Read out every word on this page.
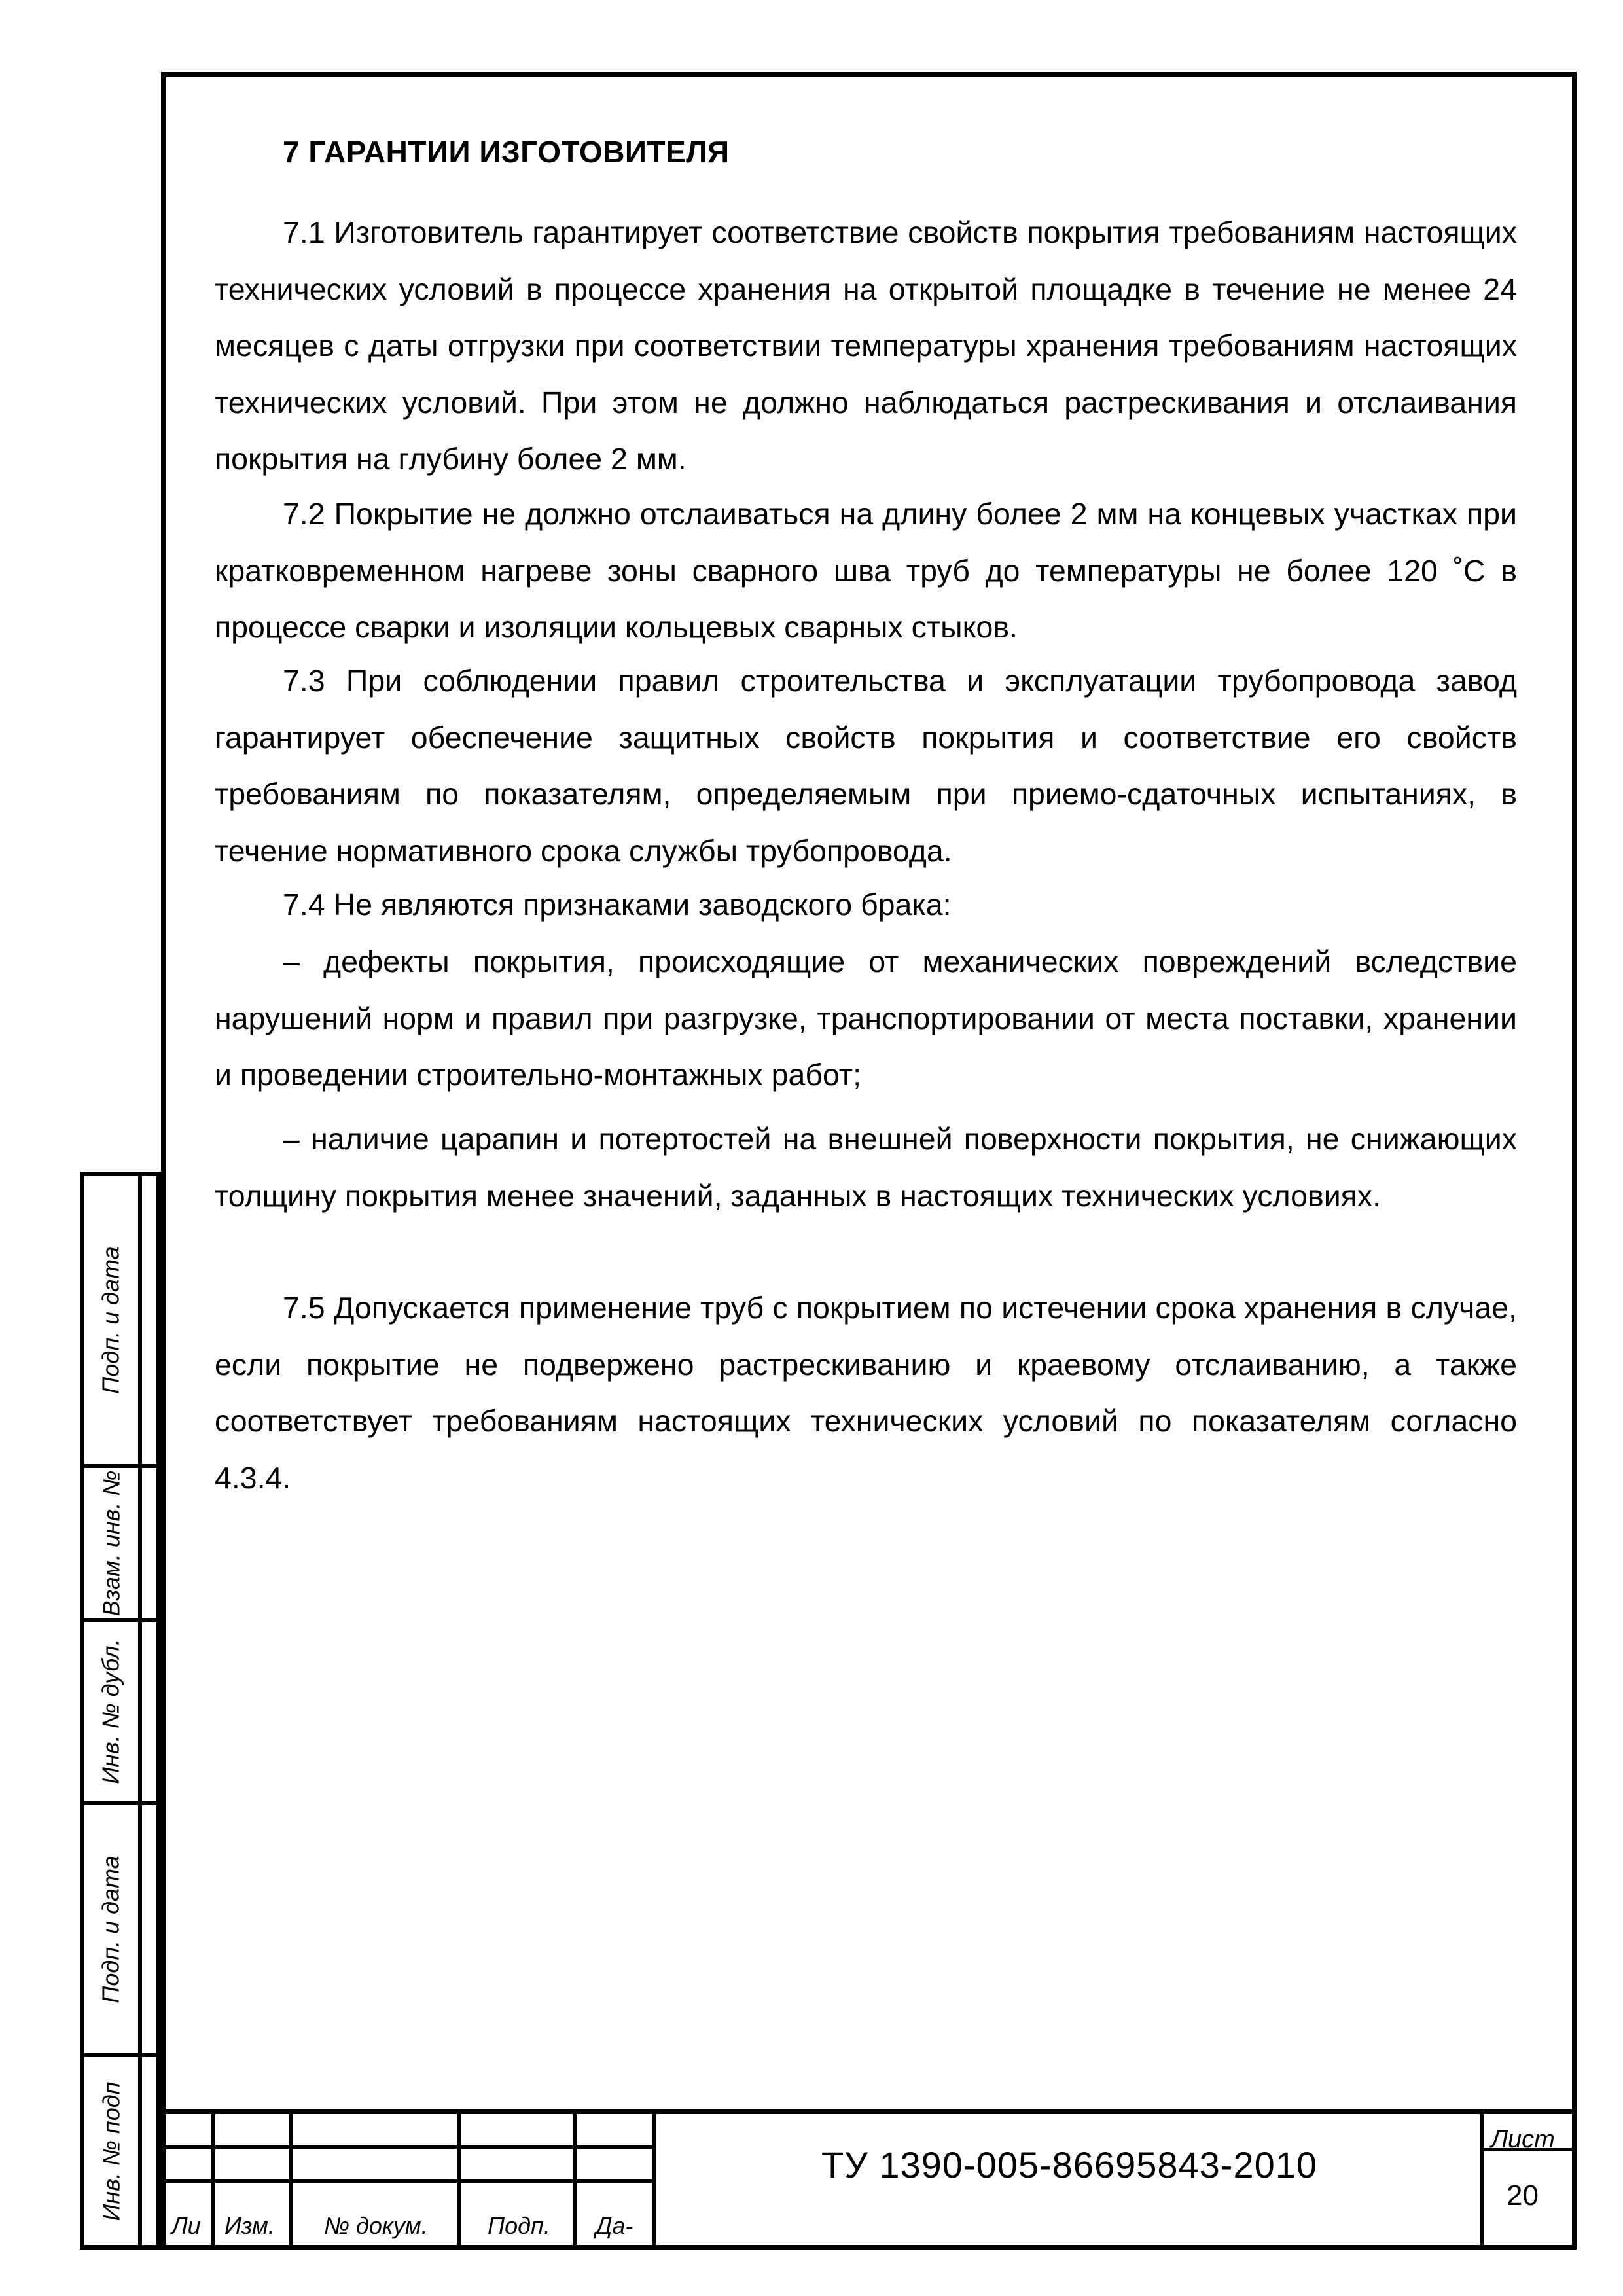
7 ГАРАНТИИ ИЗГОТОВИТЕЛЯ

7.1 Изготовитель гарантирует соответствие свойств покрытия требованиям настоящих технических условий в процессе хранения на открытой площадке в течение не менее 24 месяцев с даты отгрузки при соответствии температуры хранения требованиям настоящих технических условий. При этом не должно наблюдаться растрескивания и отслаивания покрытия на глубину более 2 мм.

7.2 Покрытие не должно отслаиваться на длину более 2 мм на концевых участках при кратковременном нагреве зоны сварного шва труб до температуры не более 120 ˚С в процессе сварки и изоляции кольцевых сварных стыков.

7.3 При соблюдении правил строительства и эксплуатации трубопровода завод гарантирует обеспечение защитных свойств покрытия и соответствие его свойств требованиям по показателям, определяемым при приемо-сдаточных испытаниях, в течение нормативного срока службы трубопровода.

7.4 Не являются признаками заводского брака:

– дефекты покрытия, происходящие от механических повреждений вследствие нарушений норм и правил при разгрузке, транспортировании от места поставки, хранении и проведении строительно-монтажных работ;

– наличие царапин и потертостей на внешней поверхности покрытия, не снижающих толщину покрытия менее значений, заданных в настоящих технических условиях.

7.5 Допускается применение труб с покрытием по истечении срока хранения в случае, если покрытие не подвержено растрескиванию и краевому отслаиванию, а также соответствует требованиям настоящих технических условий по показателям согласно 4.3.4.

Подп. и дата
Взам. инв. №
Инв. № дубл.
Подп. и дата
Инв. № подп
Ли Изм. № докум.	Подп. Да-
ТУ 1390-005-86695843-2010
Лист
20
